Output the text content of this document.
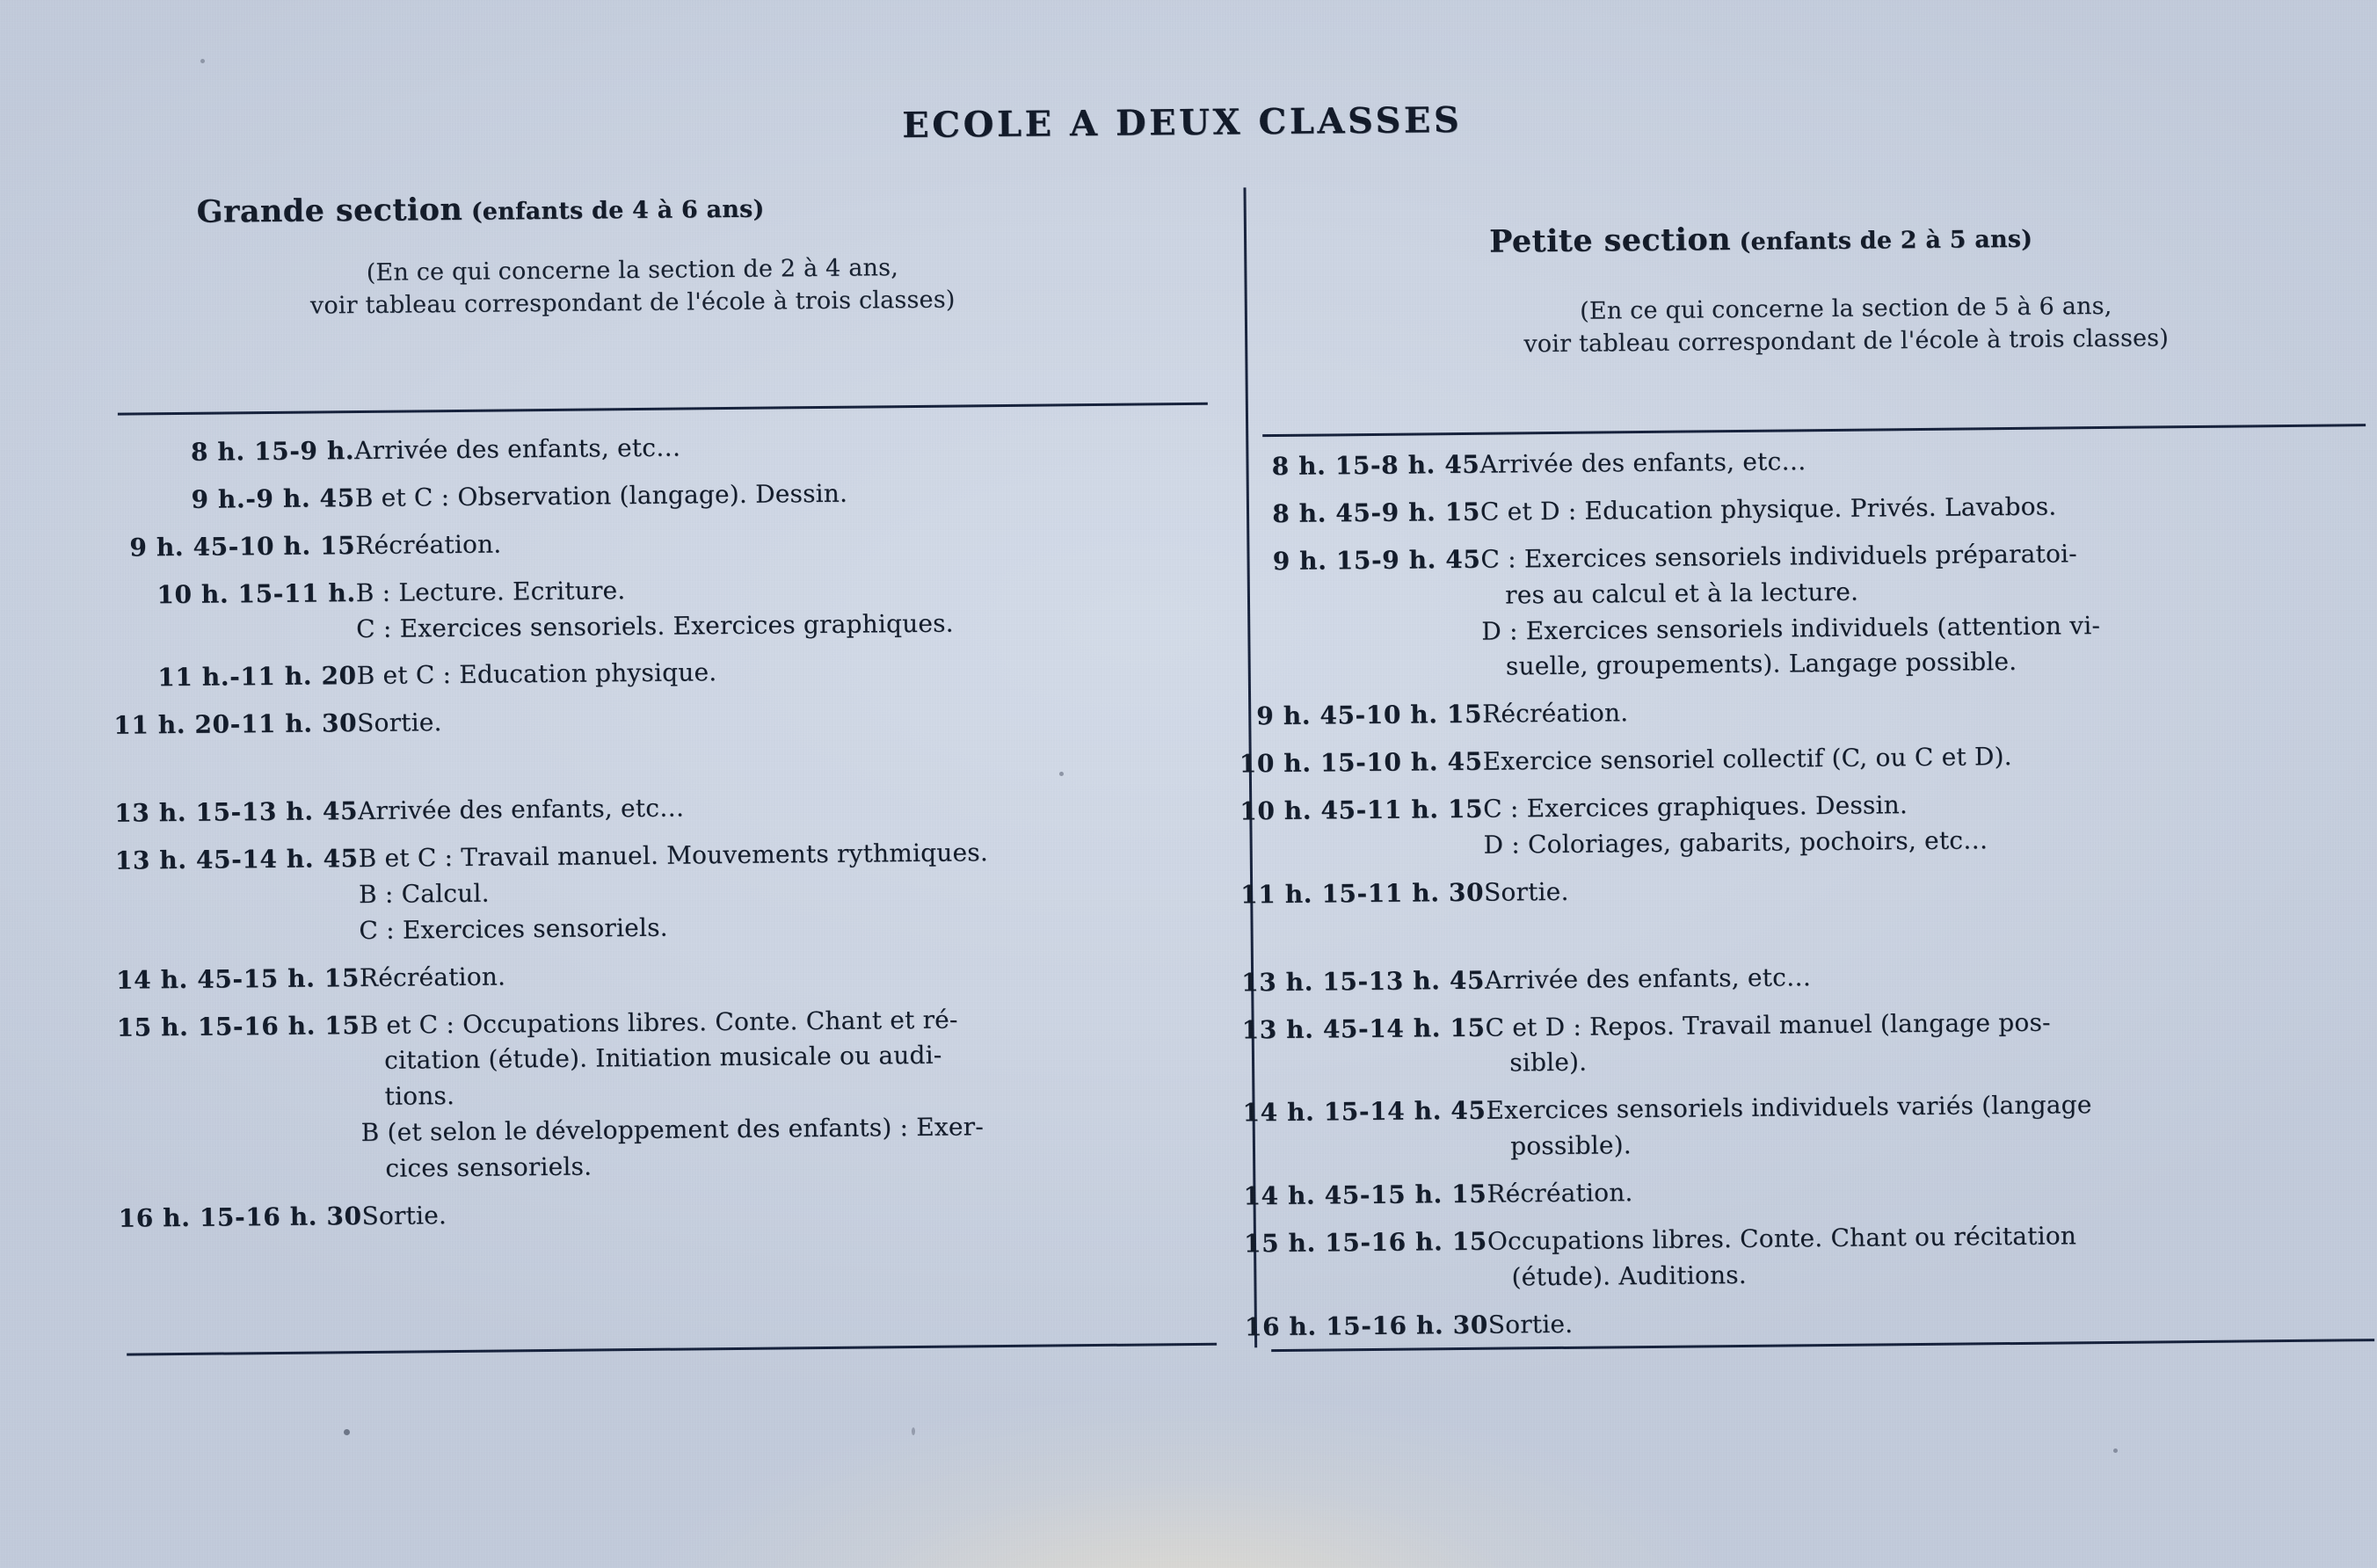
ECOLE A DEUX CLASSES
Grande section (enfants de 4 à 6 ans)
(En ce qui concerne la section de 2 à 4 ans,
voir tableau correspondant de l'école à trois classes)
8 h. 15-9 h.	Arrivée des enfants, etc…

9 h.-9 h. 45	B et C : Observation (langage). Dessin.

9 h. 45-10 h. 15	Récréation.

10 h. 15-11 h.	B : Lecture. Ecriture.
C : Exercices sensoriels. Exercices graphiques.

11 h.-11 h. 20	B et C : Education physique.

11 h. 20-11 h. 30	Sortie.

13 h. 15-13 h. 45	Arrivée des enfants, etc…

13 h. 45-14 h. 45	B et C : Travail manuel. Mouvements rythmiques.
B : Calcul.
C : Exercices sensoriels.

14 h. 45-15 h. 15	Récréation.

15 h. 15-16 h. 15	B et C : Occupations libres. Conte. Chant et ré-
citation (étude). Initiation musicale ou audi-
tions.
B (et selon le développement des enfants) : Exer-
cices sensoriels.

16 h. 15-16 h. 30	Sortie.
Petite section (enfants de 2 à 5 ans)
(En ce qui concerne la section de 5 à 6 ans,
voir tableau correspondant de l'école à trois classes)
8 h. 15-8 h. 45	Arrivée des enfants, etc…

8 h. 45-9 h. 15	C et D : Education physique. Privés. Lavabos.

9 h. 15-9 h. 45	C : Exercices sensoriels individuels préparatoi-
res au calcul et à la lecture.
D : Exercices sensoriels individuels (attention vi-
suelle, groupements). Langage possible.

9 h. 45-10 h. 15	Récréation.

10 h. 15-10 h. 45	Exercice sensoriel collectif (C, ou C et D).

10 h. 45-11 h. 15	C : Exercices graphiques. Dessin.
D : Coloriages, gabarits, pochoirs, etc…

11 h. 15-11 h. 30	Sortie.

13 h. 15-13 h. 45	Arrivée des enfants, etc…

13 h. 45-14 h. 15	C et D : Repos. Travail manuel (langage pos-
sible).

14 h. 15-14 h. 45	Exercices sensoriels individuels variés (langage
possible).

14 h. 45-15 h. 15	Récréation.

15 h. 15-16 h. 15	Occupations libres. Conte. Chant ou récitation
(étude). Auditions.

16 h. 15-16 h. 30	Sortie.
